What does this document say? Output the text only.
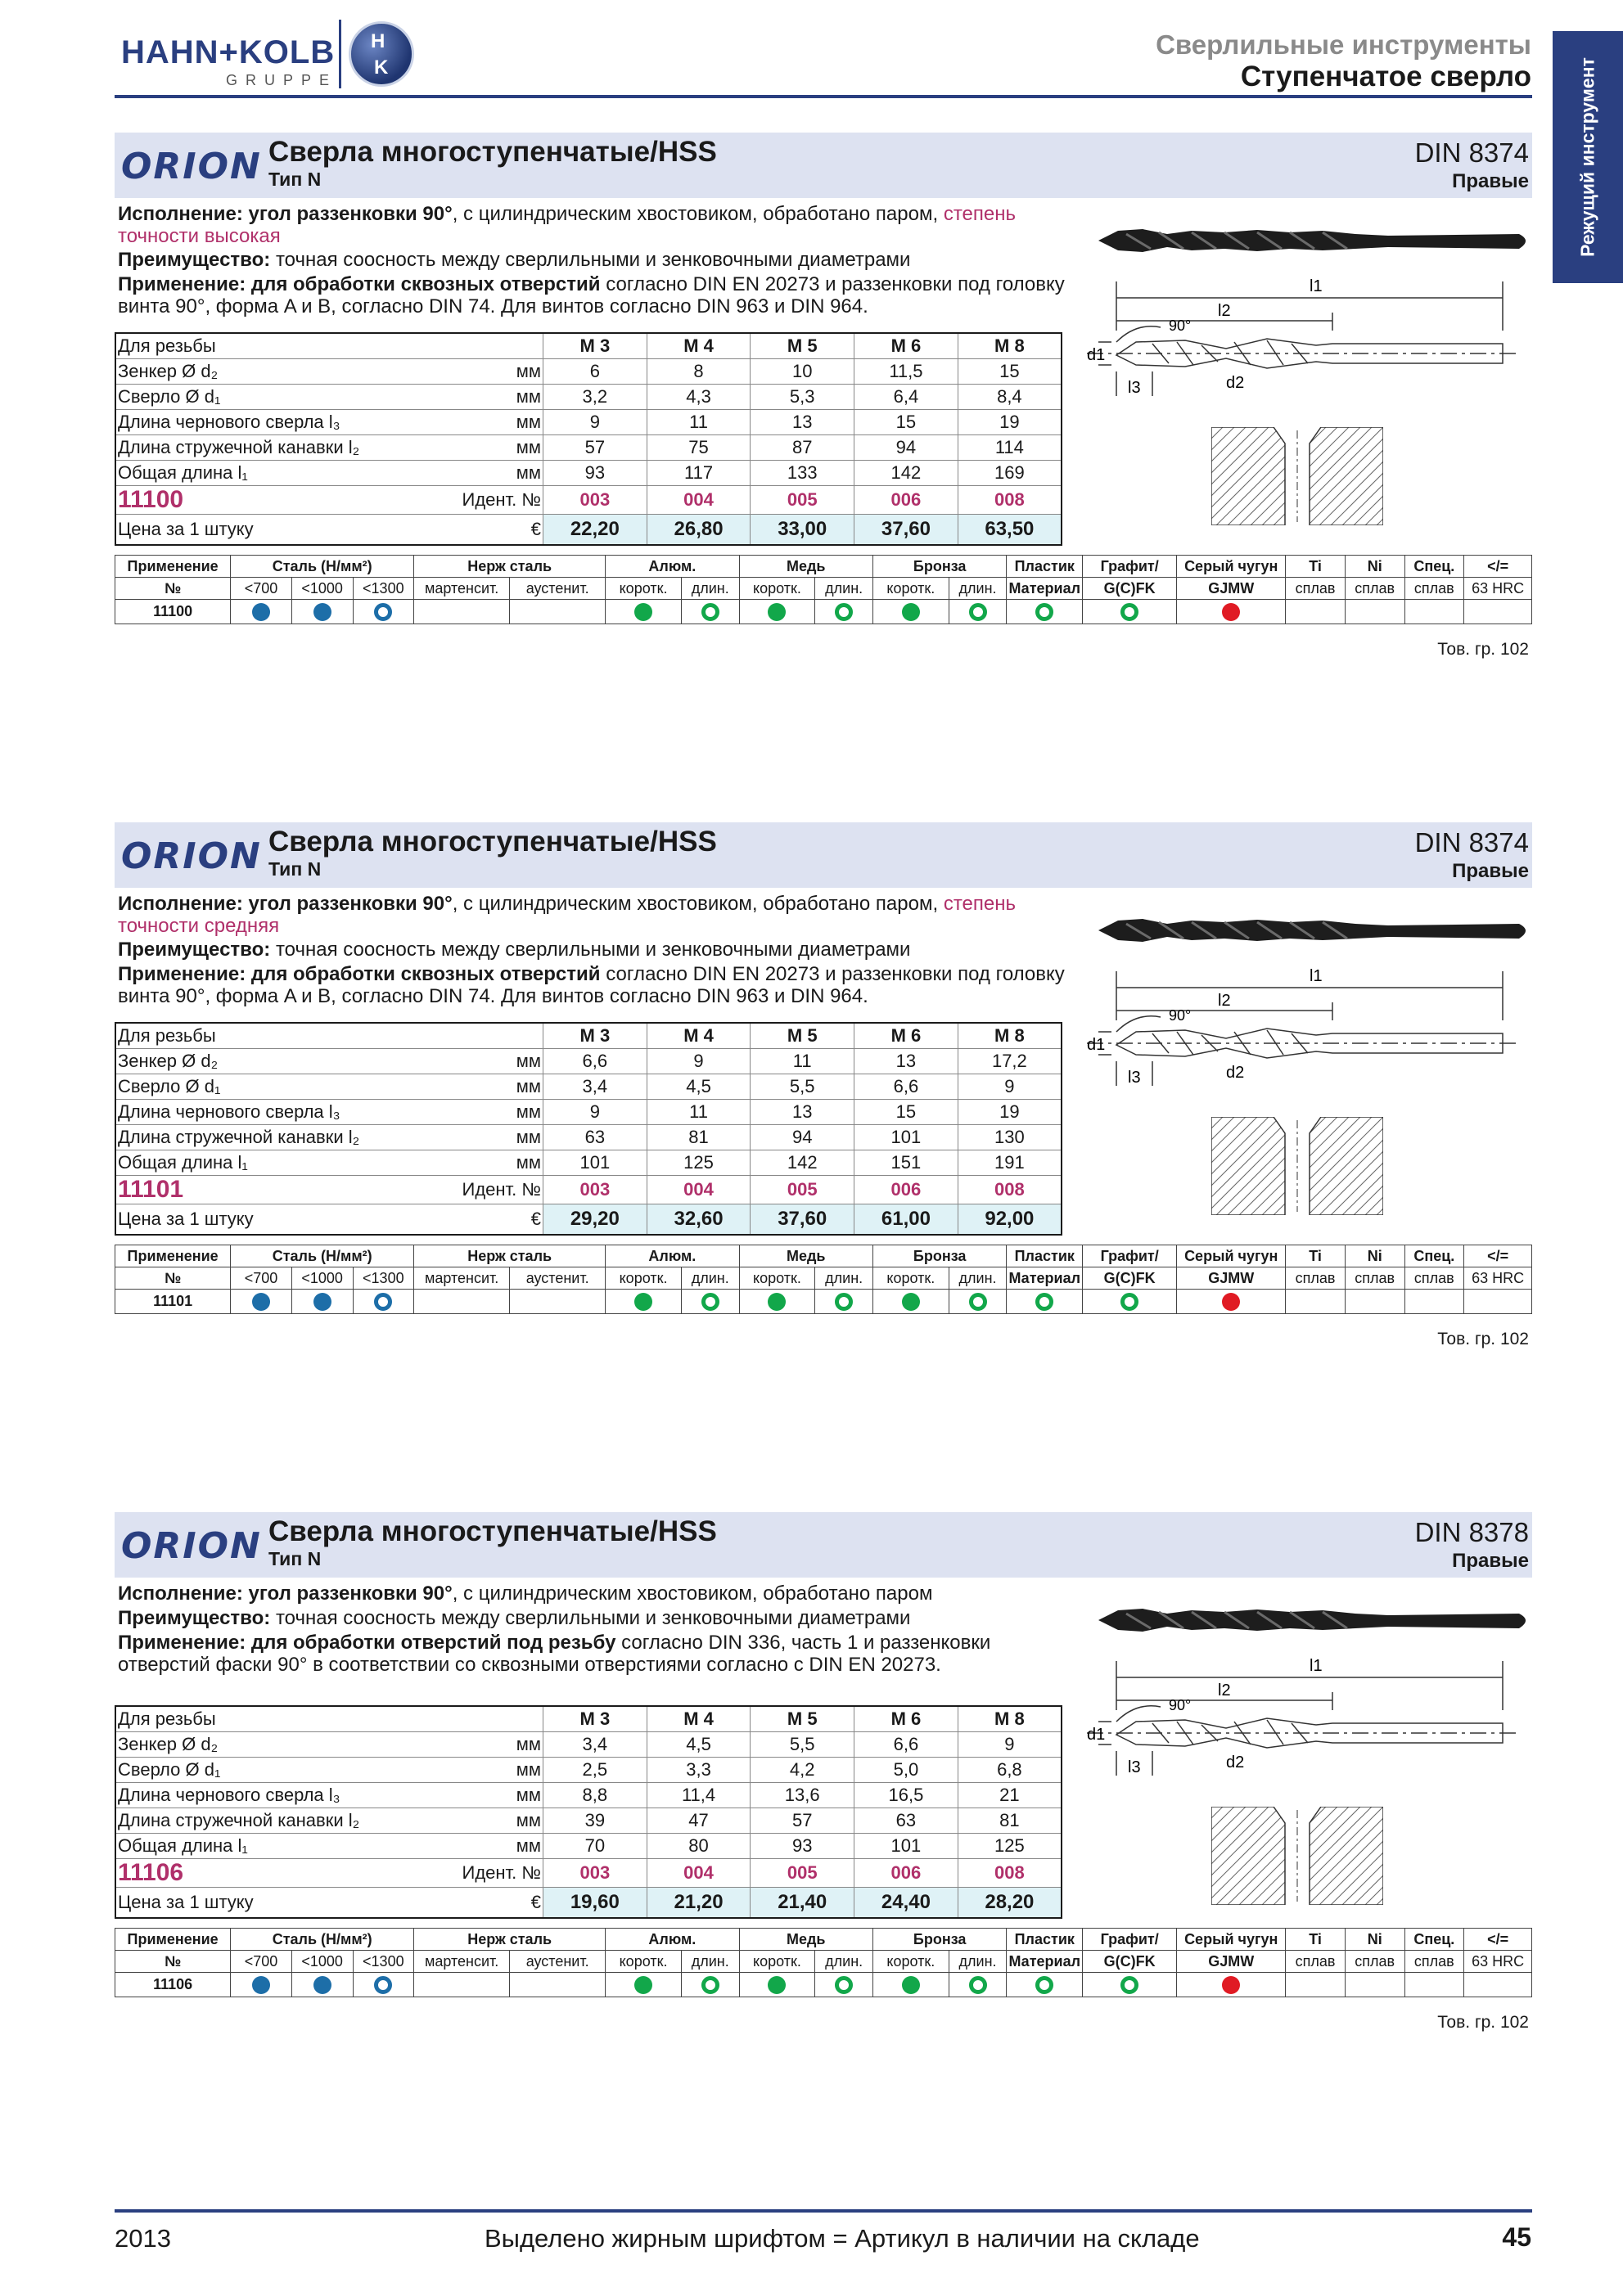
HAHN+KOLB
GRUPPE
H
K
Сверлильные инструменты
Ступенчатое сверло Режущий инструмент
ORION Сверла многоступенчатые/HSS
Тип N
DIN 8374
Правые
Исполнение: угол раззенковки 90°, с цилиндрическим хвостовиком, обработано паром, степень точности высокая
Преимущество: точная соосность между сверлильными и зенковочными диаметрами
Применение: для обработки сквозных отверстий согласно DIN EN 20273 и раззенковки под головку винта 90°, форма A и B, согласно DIN 74. Для винтов согласно DIN 963 и DIN 964.
Для резьбы		М 3	М 4	М 5	М 6	М 8
Зенкер Ø d₂	мм	6	8	10	11,5	15
Сверло Ø d₁	мм	3,2	4,3	5,3	6,4	8,4
Длина чернового сверла l₃	мм	9	11	13	15	19
Длина стружечной канавки l₂	мм	57	75	87	94	114
Общая длина l₁	мм	93	117	133	142	169
11100	Идент. №	003	004	005	006	008
Цена за 1 штуку	€	22,20	26,80	33,00	37,60	63,50
Применение	Сталь (Н/мм²)			Нерж сталь		Алюм.		Медь		Бронза		Пластик	Графит/	Серый чугун	Ti	Ni	Спец.	</=
№	<700	<1000	<1300	мартенсит.	аустенит.	коротк.	длин.	коротк.	длин.	коротк.	длин.	Материал	G(C)FK	GJMW	сплав	сплав	сплав	63 HRC
11100																		
Тов. гр. 102
l1
l2
90°
d1
d2
l3
ORION Сверла многоступенчатые/HSS
Тип N
DIN 8374
Правые
Исполнение: угол раззенковки 90°, с цилиндрическим хвостовиком, обработано паром, степень точности средняя
Преимущество: точная соосность между сверлильными и зенковочными диаметрами
Применение: для обработки сквозных отверстий согласно DIN EN 20273 и раззенковки под головку винта 90°, форма A и B, согласно DIN 74. Для винтов согласно DIN 963 и DIN 964.
Для резьбы		М 3	М 4	М 5	М 6	М 8
Зенкер Ø d₂	мм	6,6	9	11	13	17,2
Сверло Ø d₁	мм	3,4	4,5	5,5	6,6	9
Длина чернового сверла l₃	мм	9	11	13	15	19
Длина стружечной канавки l₂	мм	63	81	94	101	130
Общая длина l₁	мм	101	125	142	151	191
11101	Идент. №	003	004	005	006	008
Цена за 1 штуку	€	29,20	32,60	37,60	61,00	92,00
Применение	Сталь (Н/мм²)			Нерж сталь		Алюм.		Медь		Бронза		Пластик	Графит/	Серый чугун	Ti	Ni	Спец.	</=
№	<700	<1000	<1300	мартенсит.	аустенит.	коротк.	длин.	коротк.	длин.	коротк.	длин.	Материал	G(C)FK	GJMW	сплав	сплав	сплав	63 HRC
11101																		
Тов. гр. 102
l1
l2
90°
d1
d2
l3
ORION Сверла многоступенчатые/HSS
Тип N
DIN 8378
Правые
Исполнение: угол раззенковки 90°, с цилиндрическим хвостовиком, обработано паром
Преимущество: точная соосность между сверлильными и зенковочными диаметрами
Применение: для обработки отверстий под резьбу согласно DIN 336, часть 1 и раззенковки отверстий фаски 90° в соответствии со сквозными отверстиями согласно с DIN EN 20273.
Для резьбы		М 3	М 4	М 5	М 6	М 8
Зенкер Ø d₂	мм	3,4	4,5	5,5	6,6	9
Сверло Ø d₁	мм	2,5	3,3	4,2	5,0	6,8
Длина чернового сверла l₃	мм	8,8	11,4	13,6	16,5	21
Длина стружечной канавки l₂	мм	39	47	57	63	81
Общая длина l₁	мм	70	80	93	101	125
11106	Идент. №	003	004	005	006	008
Цена за 1 штуку	€	19,60	21,20	21,40	24,40	28,20
Применение	Сталь (Н/мм²)			Нерж сталь		Алюм.		Медь		Бронза		Пластик	Графит/	Серый чугун	Ti	Ni	Спец.	</=
№	<700	<1000	<1300	мартенсит.	аустенит.	коротк.	длин.	коротк.	длин.	коротк.	длин.	Материал	G(C)FK	GJMW	сплав	сплав	сплав	63 HRC
11106																		
Тов. гр. 102
l1
l2
90°
d1
d2
l3
2013	Выделено жирным шрифтом = Артикул в наличии на складе	45
